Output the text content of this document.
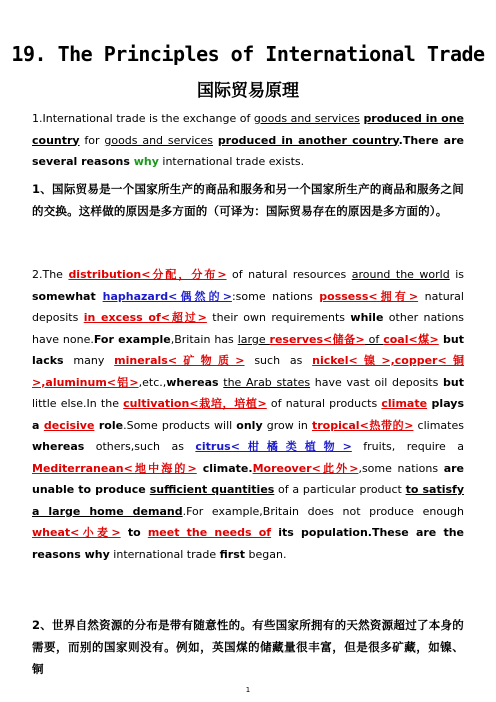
19. The Principles of International Trade
国际贸易原理
1.International trade is the exchange of goods and services produced in one country for goods and services produced in another country.There are several reasons why international trade exists.
1、国际贸易是一个国家所生产的商品和服务和另一个国家所生产的商品和服务之间的交换。这样做的原因是多方面的（可译为：国际贸易存在的原因是多方面的）。
2.The distribution<分配，分布> of natural resources around the world is somewhat haphazard<偶然的>:some nations possess<拥有> natural deposits in excess of<超过> their own requirements while other nations have none.For example,Britain has large reserves<储备> of coal<煤> but lacks many minerals<矿物质> such as nickel<镍>,copper<铜>,aluminum<铝>,etc.,whereas the Arab states have vast oil deposits but little else.In the cultivation<栽培，培植> of natural products climate plays a decisive role.Some products will only grow in tropical<热带的> climates whereas others,such as citrus<柑橘类植物> fruits, require a Mediterranean<地中海的> climate.Moreover<此外>,some nations are unable to produce sufficient quantities of a particular product to satisfy a large home demand.For example,Britain does not produce enough wheat<小麦> to meet the needs of its population.These are the reasons why international trade first began.
2、世界自然资源的分布是带有随意性的。有些国家所拥有的天然资源超过了本身的需要，而别的国家则没有。例如，英国煤的储藏量很丰富，但是很多矿藏，如镍、铜
1
